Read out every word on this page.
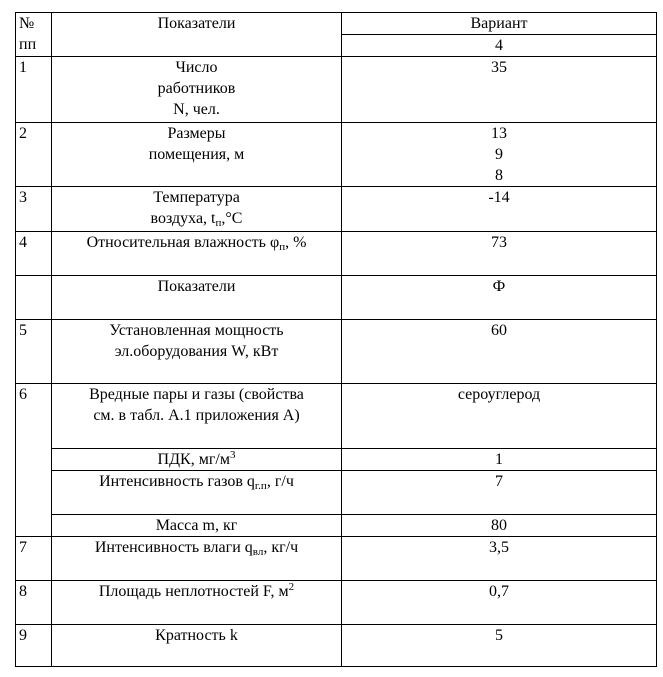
№
пп	Показатели	Вариант
		4
1	Число
работников
N, чел.	35
2	Размеры
помещения, м	13
9
8

3	Температура
воздуха, $t_п,^\circ С$	-14
4	Относительная влажность $\varphi_п$, %	73
	Показатели	Ф
5	Установленная мощность
эл.оборудования W, кВт	60
6	Вредные пары и газы (свойства
см. в табл. А.1 приложения А)	сероуглерод
	ПДК, $мг/м^3$	1
	Интенсивность газов $q_{г.п}$, г/ч	7
	Масса m, кг	80
7	Интенсивность влаги $q_{вл}$, кг/ч	3,5
8	Площадь неплотностей F, $м^2$	0,7
9	Кратность k	5
